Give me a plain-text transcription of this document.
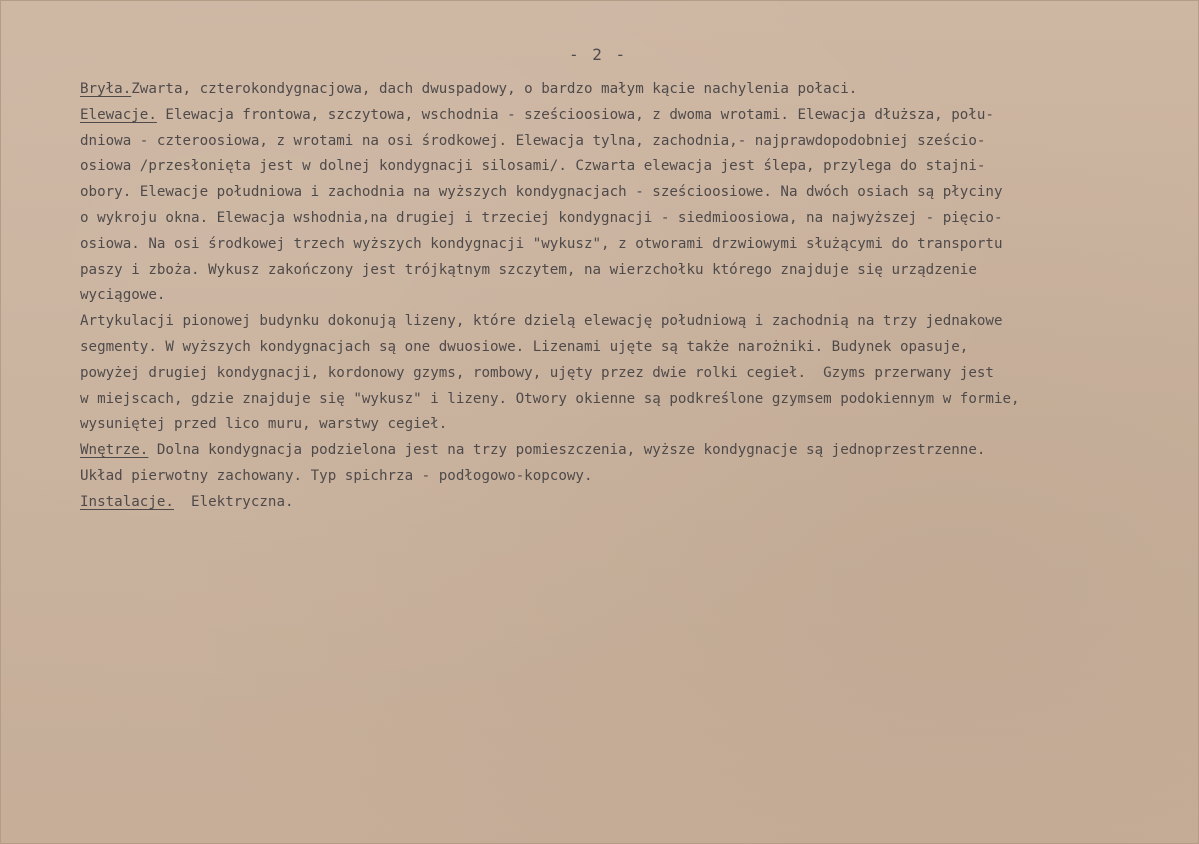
- 2 -
Bryła.Zwarta, czterokondygnacjowa, dach dwuspadowy, o bardzo małym kącie nachylenia połaci.
Elewacje. Elewacja frontowa, szczytowa, wschodnia - sześcioosiowa, z dwoma wrotami. Elewacja dłuższa, połu-
dniowa - czteroosiowa, z wrotami na osi środkowej. Elewacja tylna, zachodnia,- najprawdopodobniej sześcio-
osiowa /przesłonięta jest w dolnej kondygnacji silosami/. Czwarta elewacja jest ślepa, przylega do stajni-
obory. Elewacje południowa i zachodnia na wyższych kondygnacjach - sześcioosiowe. Na dwóch osiach są płyciny
o wykroju okna. Elewacja wshodnia,na drugiej i trzeciej kondygnacji - siedmioosiowa, na najwyższej - pięcio-
osiowa. Na osi środkowej trzech wyższych kondygnacji "wykusz", z otworami drzwiowymi służącymi do transportu
paszy i zboża. Wykusz zakończony jest trójkątnym szczytem, na wierzchołku którego znajduje się urządzenie
wyciągowe.
Artykulacji pionowej budynku dokonują lizeny, które dzielą elewację południową i zachodnią na trzy jednakowe
segmenty. W wyższych kondygnacjach są one dwuosiowe. Lizenami ujęte są także narożniki. Budynek opasuje,
powyżej drugiej kondygnacji, kordonowy gzyms, rombowy, ujęty przez dwie rolki cegieł.  Gzyms przerwany jest
w miejscach, gdzie znajduje się "wykusz" i lizeny. Otwory okienne są podkreślone gzymsem podokiennym w formie,
wysuniętej przed lico muru, warstwy cegieł.
Wnętrze. Dolna kondygnacja podzielona jest na trzy pomieszczenia, wyższe kondygnacje są jednoprzestrzenne.
Układ pierwotny zachowany. Typ spichrza - podłogowo-kopcowy.
Instalacje.  Elektryczna.
